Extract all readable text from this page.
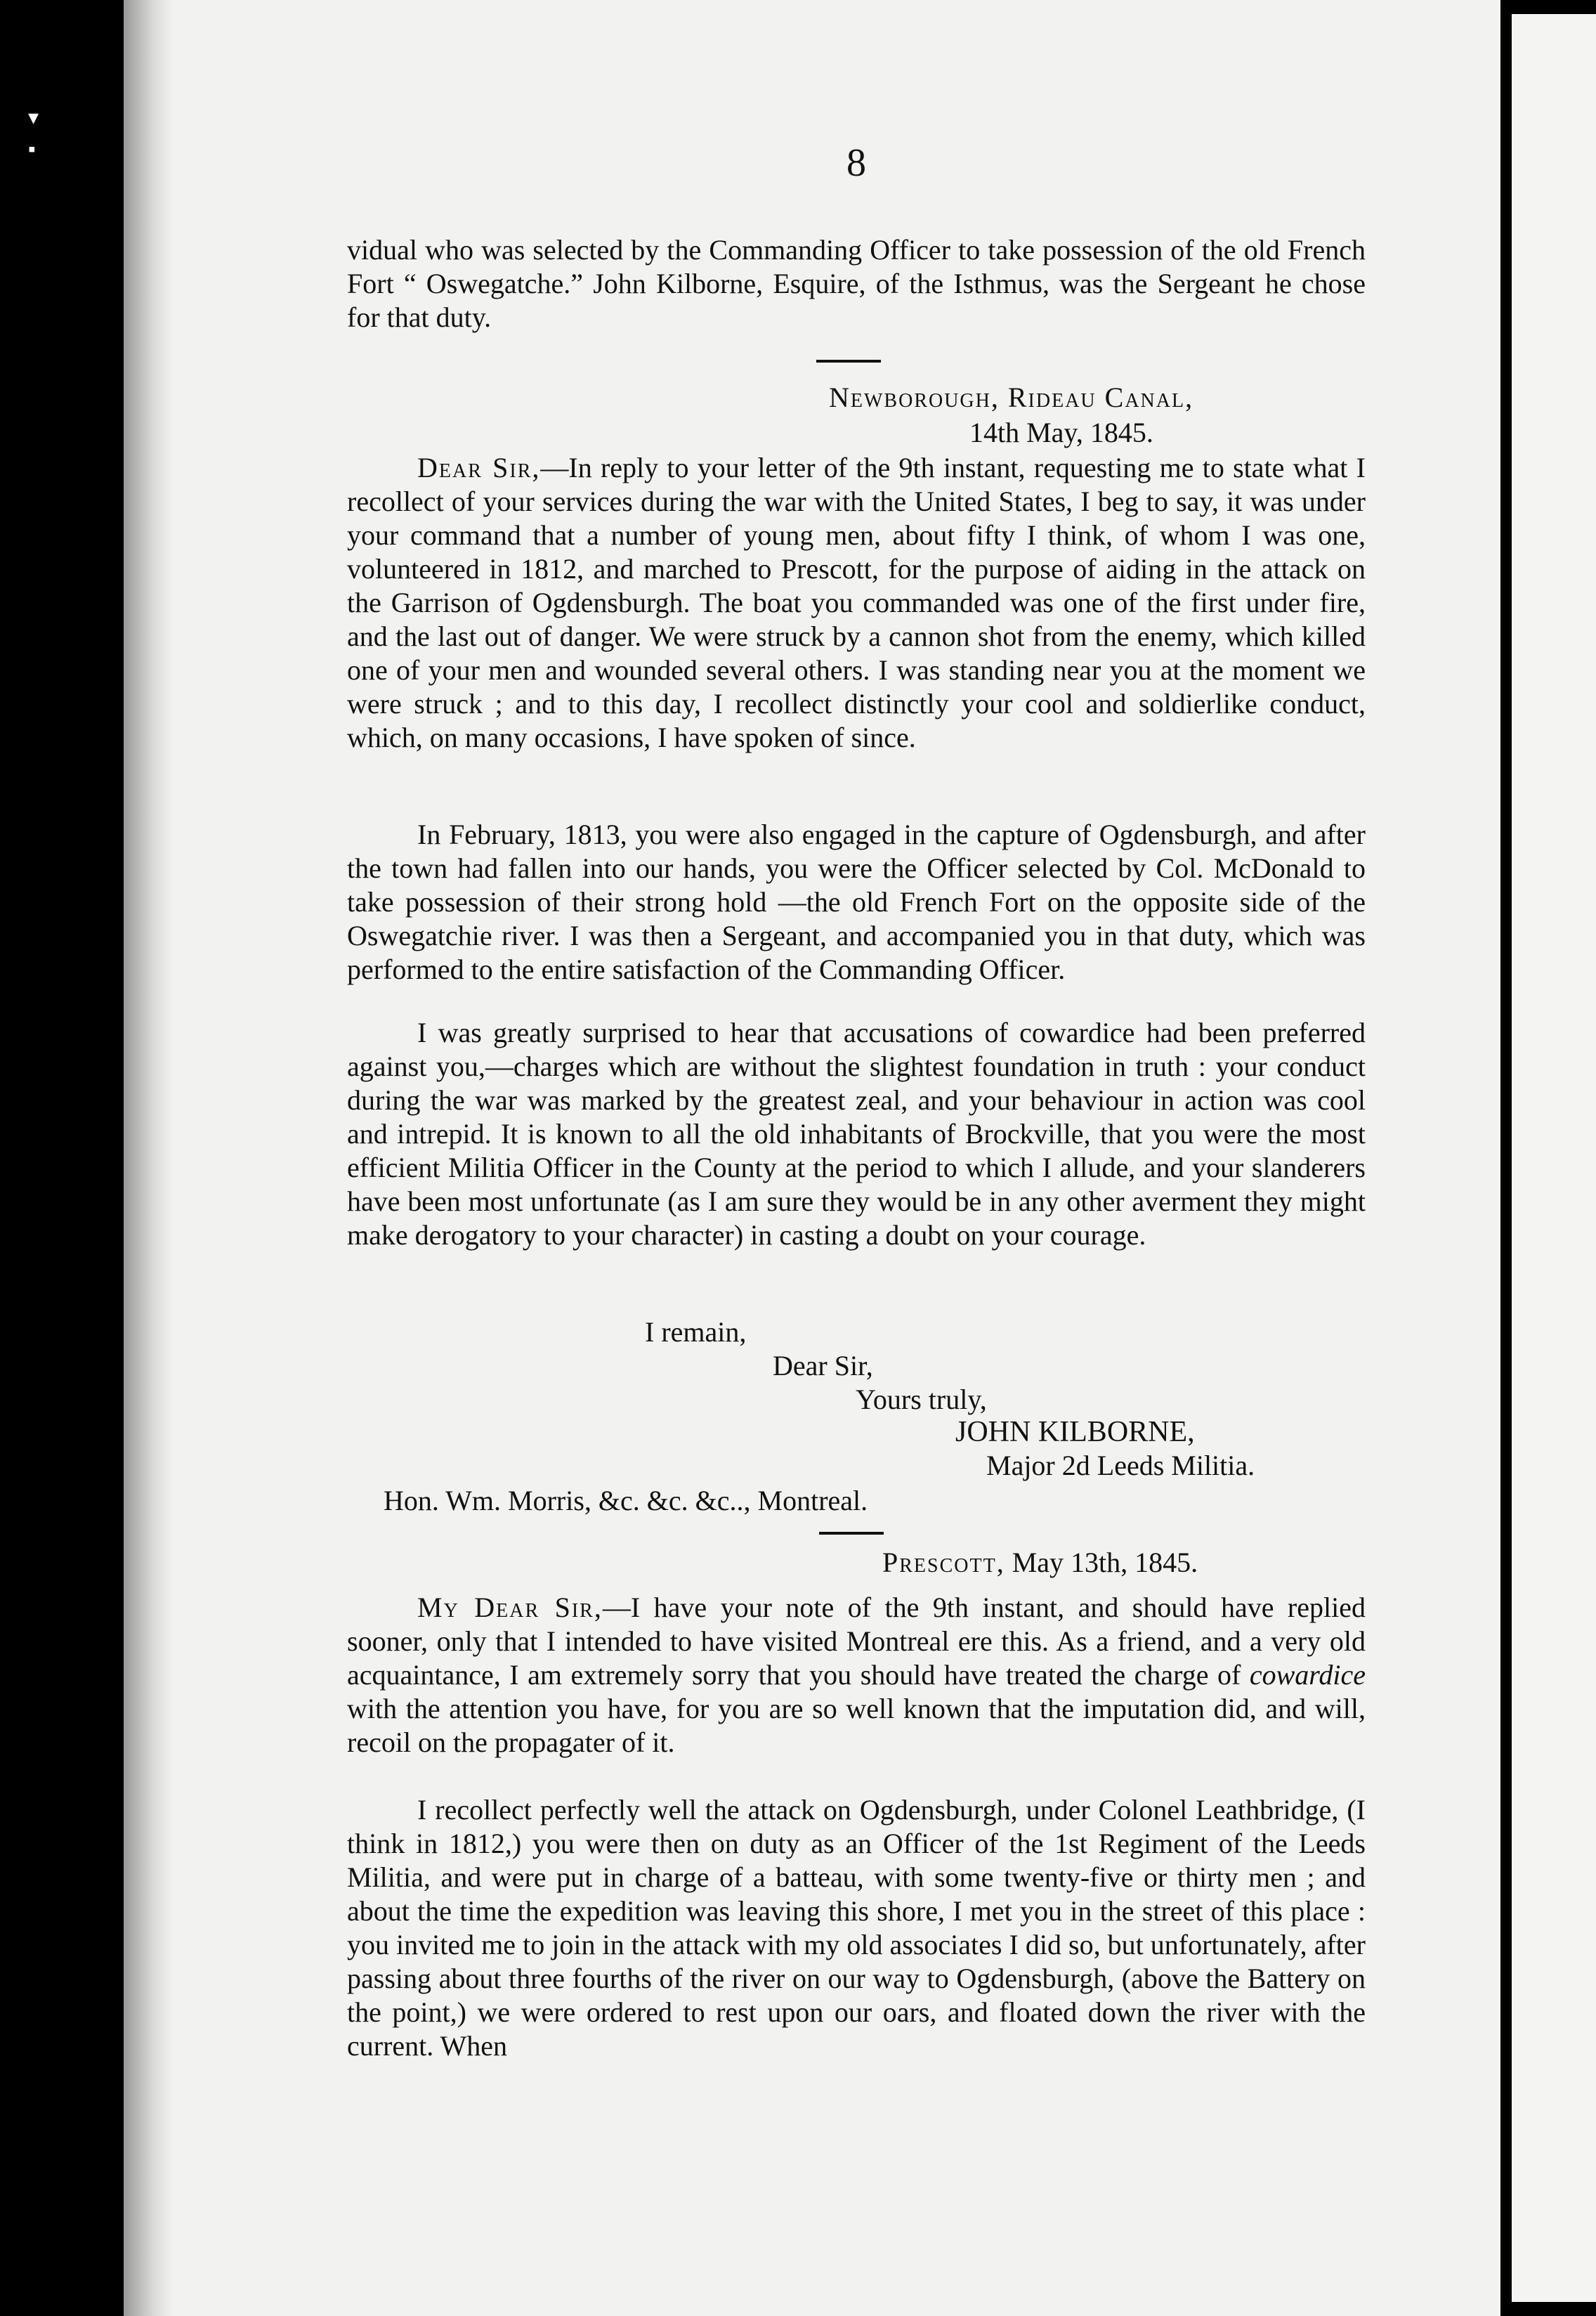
▾
▪	8
vidual who was selected by the Commanding Officer to take possession of the old French Fort “ Oswegatche.” John Kilborne, Esquire, of the Isthmus, was the Sergeant he chose for that duty.
Newborough, Rideau Canal,
14th May, 1845.
Dear Sir,—In reply to your letter of the 9th instant, requesting me to state what I recollect of your services during the war with the United States, I beg to say, it was under your command that a number of young men, about fifty I think, of whom I was one, volunteered in 1812, and marched to Prescott, for the purpose of aiding in the attack on the Garrison of Ogdensburgh. The boat you commanded was one of the first under fire, and the last out of danger. We were struck by a cannon shot from the enemy, which killed one of your men and wounded several others. I was standing near you at the moment we were struck ; and to this day, I recollect distinctly your cool and soldierlike conduct, which, on many occasions, I have spoken of since.
In February, 1813, you were also engaged in the capture of Ogdensburgh, and after the town had fallen into our hands, you were the Officer selected by Col. McDonald to take possession of their strong hold —the old French Fort on the opposite side of the Oswegatchie river. I was then a Sergeant, and accompanied you in that duty, which was performed to the entire satisfaction of the Commanding Officer.
I was greatly surprised to hear that accusations of cowardice had been preferred against you,—charges which are without the slightest foundation in truth : your conduct during the war was marked by the greatest zeal, and your behaviour in action was cool and intrepid. It is known to all the old inhabitants of Brockville, that you were the most efficient Militia Officer in the County at the period to which I allude, and your slanderers have been most unfortunate (as I am sure they would be in any other averment they might make derogatory to your character) in casting a doubt on your courage.
I remain,
Dear Sir,
Yours truly,
JOHN KILBORNE,
Major 2d Leeds Militia.
Hon. Wm. Morris, &c. &c. &c.., Montreal.
Prescott, May 13th, 1845.
My Dear Sir,—I have your note of the 9th instant, and should have replied sooner, only that I intended to have visited Montreal ere this. As a friend, and a very old acquaintance, I am extremely sorry that you should have treated the charge of cowardice with the attention you have, for you are so well known that the imputation did, and will, recoil on the propagater of it.
I recollect perfectly well the attack on Ogdensburgh, under Colonel Leathbridge, (I think in 1812,) you were then on duty as an Officer of the 1st Regiment of the Leeds Militia, and were put in charge of a batteau, with some twenty-five or thirty men ; and about the time the expedition was leaving this shore, I met you in the street of this place : you invited me to join in the attack with my old associates I did so, but unfortunately, after passing about three fourths of the river on our way to Ogdensburgh, (above the Battery on the point,) we were ordered to rest upon our oars, and floated down the river with the current. When
